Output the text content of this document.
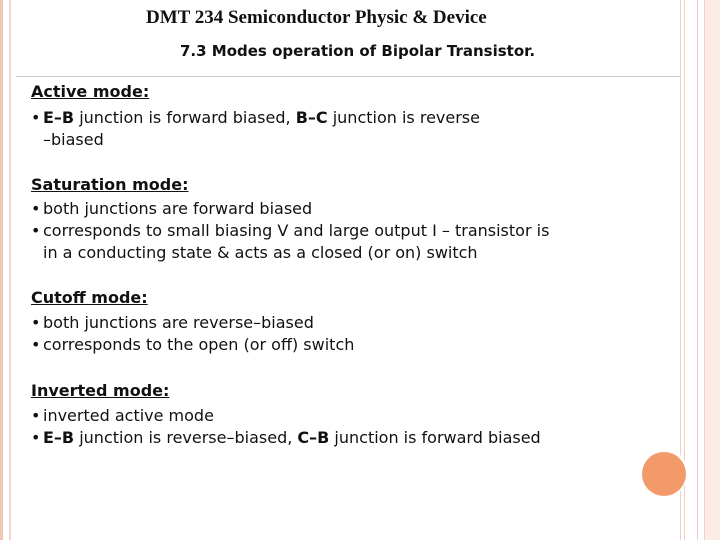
DMT 234 Semiconductor Physic & Device
7.3 Modes operation of Bipolar Transistor.
Active mode:
• E–B junction is forward biased, B–C junction is reverse
–biased
Saturation mode:
• both junctions are forward biased
• corresponds to small biasing V and large output I – transistor is
in a conducting state & acts as a closed (or on) switch
Cutoff mode:
• both junctions are reverse–biased
• corresponds to the open (or off) switch
Inverted mode:
• inverted active mode
• E–B junction is reverse–biased, C–B junction is forward biased
